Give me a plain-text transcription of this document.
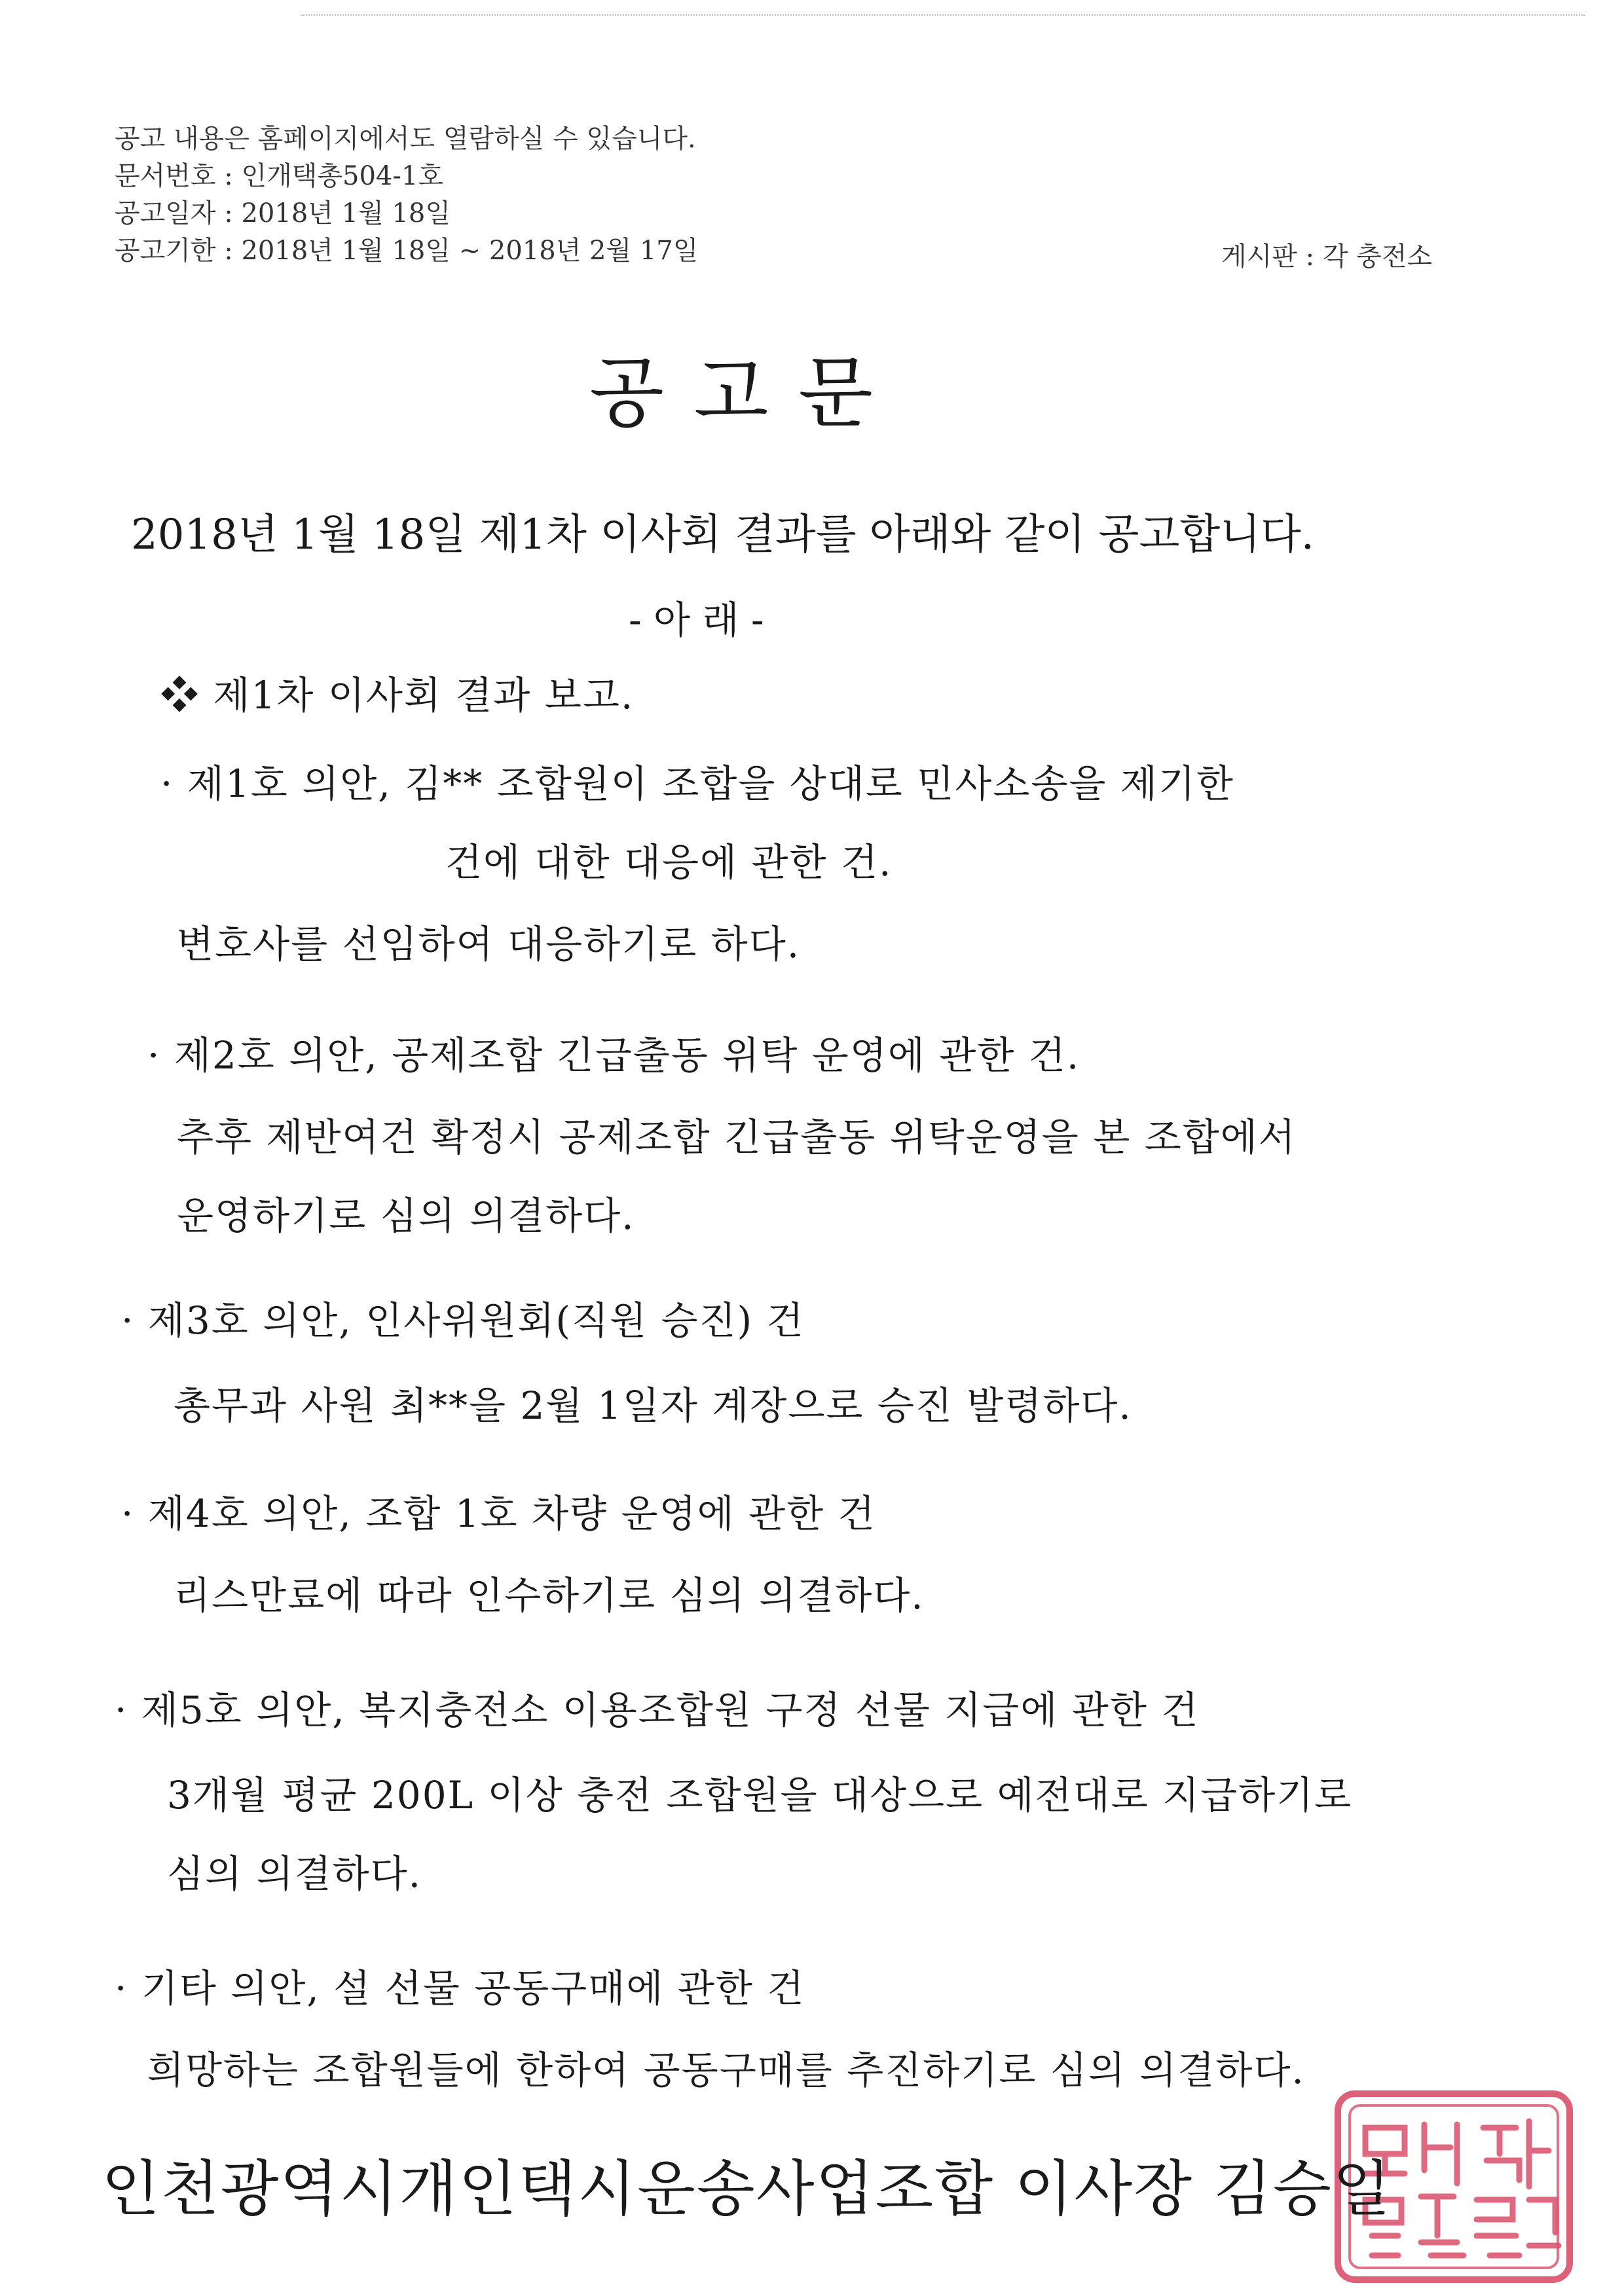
공고 내용은 홈페이지에서도 열람하실 수 있습니다.
문서번호 : 인개택총504-1호
공고일자 : 2018년 1월 18일
공고기한 : 2018년 1월 18일 ~ 2018년 2월 17일	게시판 : 각 충전소
공 고 문
2018년 1월 18일 제1차 이사회 결과를 아래와 같이 공고합니다.
- 아 래 -
❖ 제1차 이사회 결과 보고.
· 제1호 의안, 김** 조합원이 조합을 상대로 민사소송을 제기한
건에 대한 대응에 관한 건.
변호사를 선임하여 대응하기로 하다.
· 제2호 의안, 공제조합 긴급출동 위탁 운영에 관한 건.
추후 제반여건 확정시 공제조합 긴급출동 위탁운영을 본 조합에서
운영하기로 심의 의결하다.
· 제3호 의안, 인사위원회(직원 승진) 건
총무과 사원 최**을 2월 1일자 계장으로 승진 발령하다.
· 제4호 의안, 조합 1호 차량 운영에 관한 건
리스만료에 따라 인수하기로 심의 의결하다.
· 제5호 의안, 복지충전소 이용조합원 구정 선물 지급에 관한 건
3개월 평균 200L 이상 충전 조합원을 대상으로 예전대로 지급하기로
심의 의결하다.
· 기타 의안, 설 선물 공동구매에 관한 건
희망하는 조합원들에 한하여 공동구매를 추진하기로 심의 의결하다.
인천광역시개인택시운송사업조합 이사장 김승일
